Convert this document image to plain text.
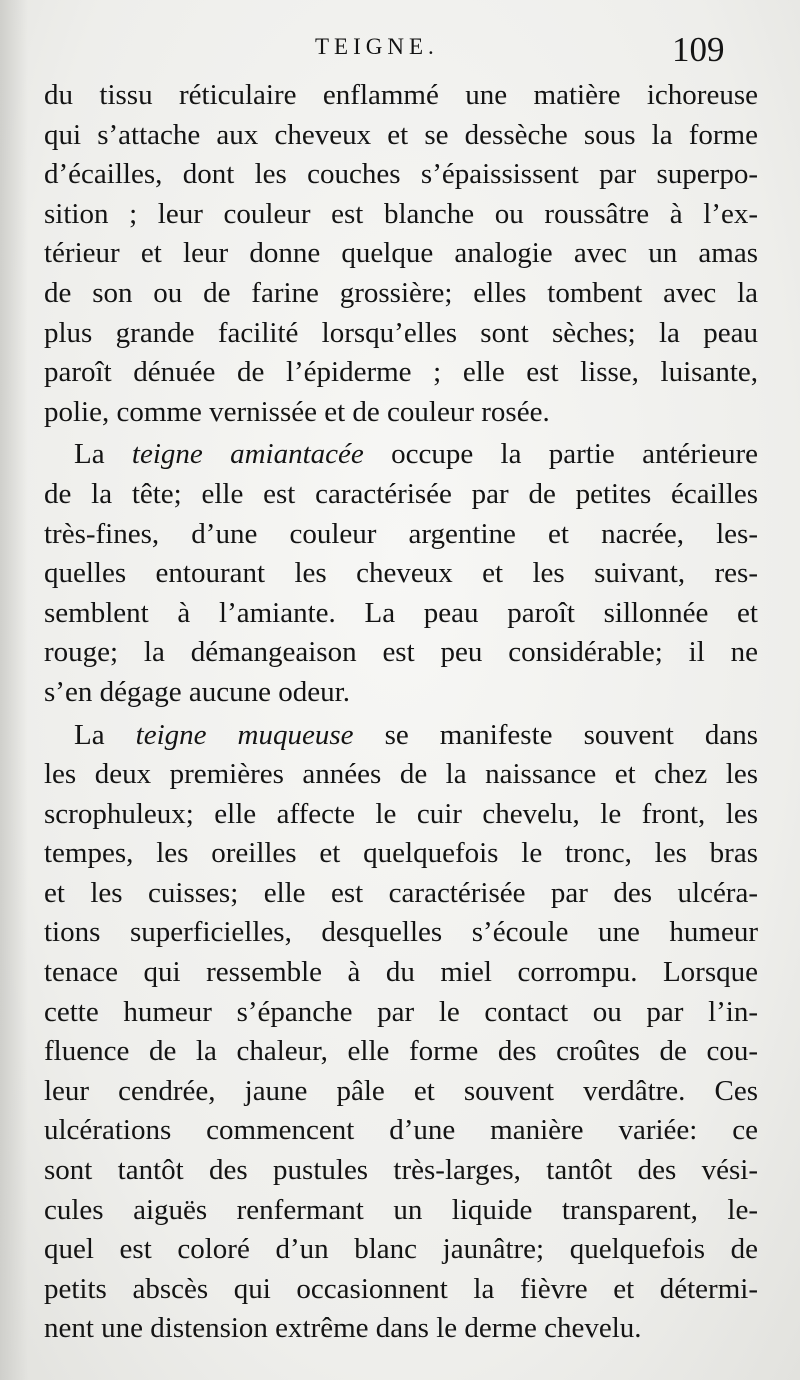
TEIGNE.	109
du tissu réticulaire enflammé une matière ichoreuse
qui s’attache aux cheveux et se dessèche sous la forme
d’écailles, dont les couches s’épaississent par superpo-
sition ; leur couleur est blanche ou roussâtre à l’ex-
térieur et leur donne quelque analogie avec un amas
de son ou de farine grossière; elles tombent avec la
plus grande facilité lorsqu’elles sont sèches; la peau
paroît dénuée de l’épiderme ; elle est lisse, luisante,
polie, comme vernissée et de couleur rosée.
La teigne amiantacée occupe la partie antérieure
de la tête; elle est caractérisée par de petites écailles
très-fines, d’une couleur argentine et nacrée, les-
quelles entourant les cheveux et les suivant, res-
semblent à l’amiante. La peau paroît sillonnée et
rouge; la démangeaison est peu considérable; il ne
s’en dégage aucune odeur.
La teigne muqueuse se manifeste souvent dans
les deux premières années de la naissance et chez les
scrophuleux; elle affecte le cuir chevelu, le front, les
tempes, les oreilles et quelquefois le tronc, les bras
et les cuisses; elle est caractérisée par des ulcéra-
tions superficielles, desquelles s’écoule une humeur
tenace qui ressemble à du miel corrompu. Lorsque
cette humeur s’épanche par le contact ou par l’in-
fluence de la chaleur, elle forme des croûtes de cou-
leur cendrée, jaune pâle et souvent verdâtre. Ces
ulcérations commencent d’une manière variée: ce
sont tantôt des pustules très-larges, tantôt des vési-
cules aiguës renfermant un liquide transparent, le-
quel est coloré d’un blanc jaunâtre; quelquefois de
petits abscès qui occasionnent la fièvre et détermi-
nent une distension extrême dans le derme chevelu.
